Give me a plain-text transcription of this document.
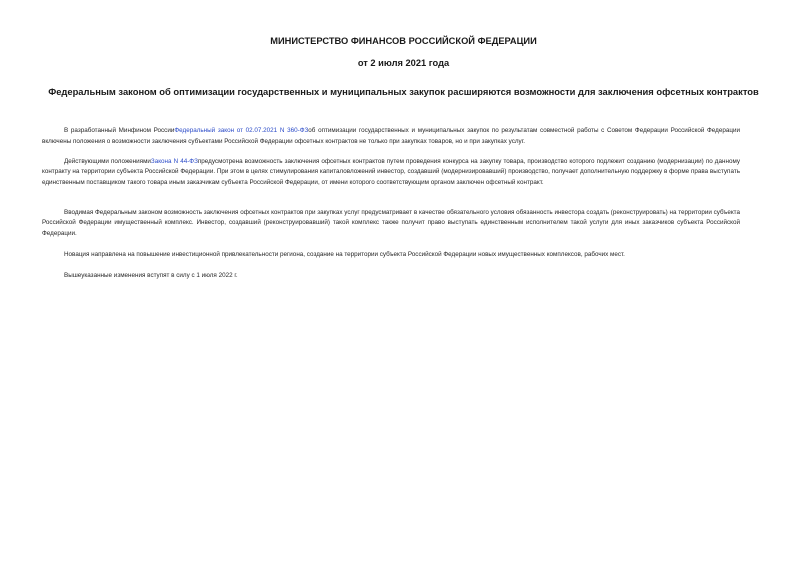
МИНИСТЕРСТВО ФИНАНСОВ РОССИЙСКОЙ ФЕДЕРАЦИИ
от 2 июля 2021 года
Федеральным законом об оптимизации государственных и муниципальных закупок расширяются возможности для заключения офсетных контрактов

В разработанный Минфином РоссииФедеральный закон от 02.07.2021 N 360-ФЗоб оптимизации государственных и муниципальных закупок по результатам совместной работы с Советом Федерации Российской Федерации включены положения о возможности заключения субъектами Российской Федерации офсетных контрактов не только при закупках товаров, но и при закупках услуг.

Действующими положениямиЗакона N 44-ФЗпредусмотрена возможность заключения офсетных контрактов путем проведения конкурса на закупку товара, производство которого подлежит созданию (модернизации) по данному контракту на территории субъекта Российской Федерации. При этом в целях стимулирования капиталовложений инвестор, создавший (модернизировавший) производство, получает дополнительную поддержку в форме права выступать единственным поставщиком такого товара иным заказчикам субъекта Российской Федерации, от имени которого соответствующим органом заключен офсетный контракт.

Вводимая Федеральным законом возможность заключения офсетных контрактов при закупках услуг предусматривает в качестве обязательного условия обязанность инвестора создать (реконструировать) на территории субъекта Российской Федерации имущественный комплекс. Инвестор, создавший (реконструировавший) такой комплекс также получит право выступать единственным исполнителем такой услуги для иных заказчиков субъекта Российской Федерации.

Новация направлена на повышение инвестиционной привлекательности региона, создание на территории субъекта Российской Федерации новых имущественных комплексов, рабочих мест.

Вышеуказанные изменения вступят в силу с 1 июля 2022 г.
